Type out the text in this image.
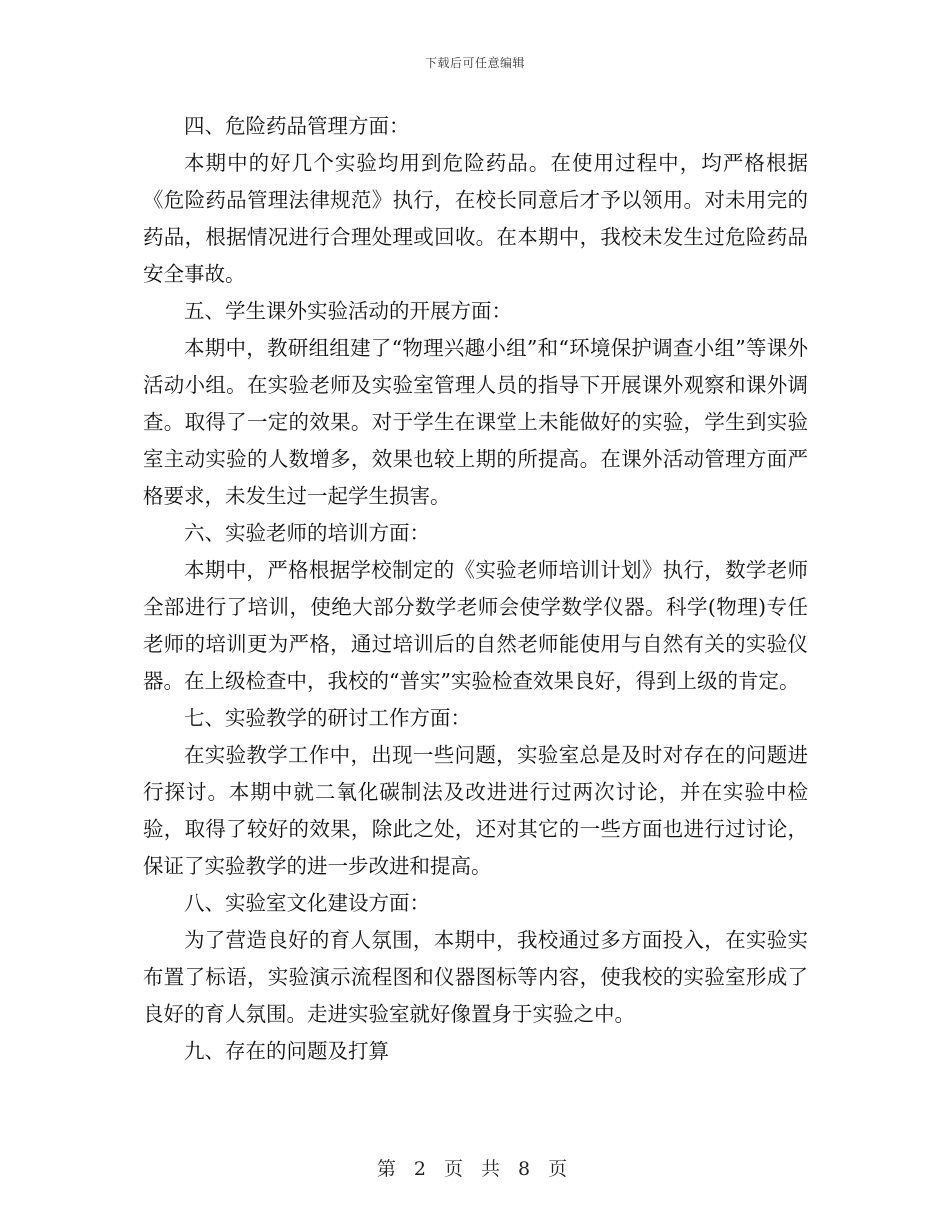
下载后可任意编辑

四、危险药品管理方面：

本期中的好几个实验均用到危险药品。在使用过程中，均严格根据《危险药品管理法律规范》执行，在校长同意后才予以领用。对未用完的药品，根据情况进行合理处理或回收。在本期中，我校未发生过危险药品安全事故。

五、学生课外实验活动的开展方面：

本期中，教研组组建了“物理兴趣小组”和“环境保护调查小组”等课外活动小组。在实验老师及实验室管理人员的指导下开展课外观察和课外调查。取得了一定的效果。对于学生在课堂上未能做好的实验，学生到实验室主动实验的人数增多，效果也较上期的所提高。在课外活动管理方面严格要求，未发生过一起学生损害。

六、实验老师的培训方面：

本期中，严格根据学校制定的《实验老师培训计划》执行，数学老师全部进行了培训，使绝大部分数学老师会使学数学仪器。科学(物理)专任老师的培训更为严格，通过培训后的自然老师能使用与自然有关的实验仪器。在上级检查中，我校的“普实”实验检查效果良好，得到上级的肯定。

七、实验教学的研讨工作方面：

在实验教学工作中，出现一些问题，实验室总是及时对存在的问题进行探讨。本期中就二氧化碳制法及改进进行过两次讨论，并在实验中检验，取得了较好的效果，除此之处，还对其它的一些方面也进行过讨论，保证了实验教学的进一步改进和提高。

八、实验室文化建设方面：

为了营造良好的育人氛围，本期中，我校通过多方面投入，在实验实布置了标语，实验演示流程图和仪器图标等内容，使我校的实验室形成了良好的育人氛围。走进实验室就好像置身于实验之中。

九、存在的问题及打算

第 2 页 共 8 页
